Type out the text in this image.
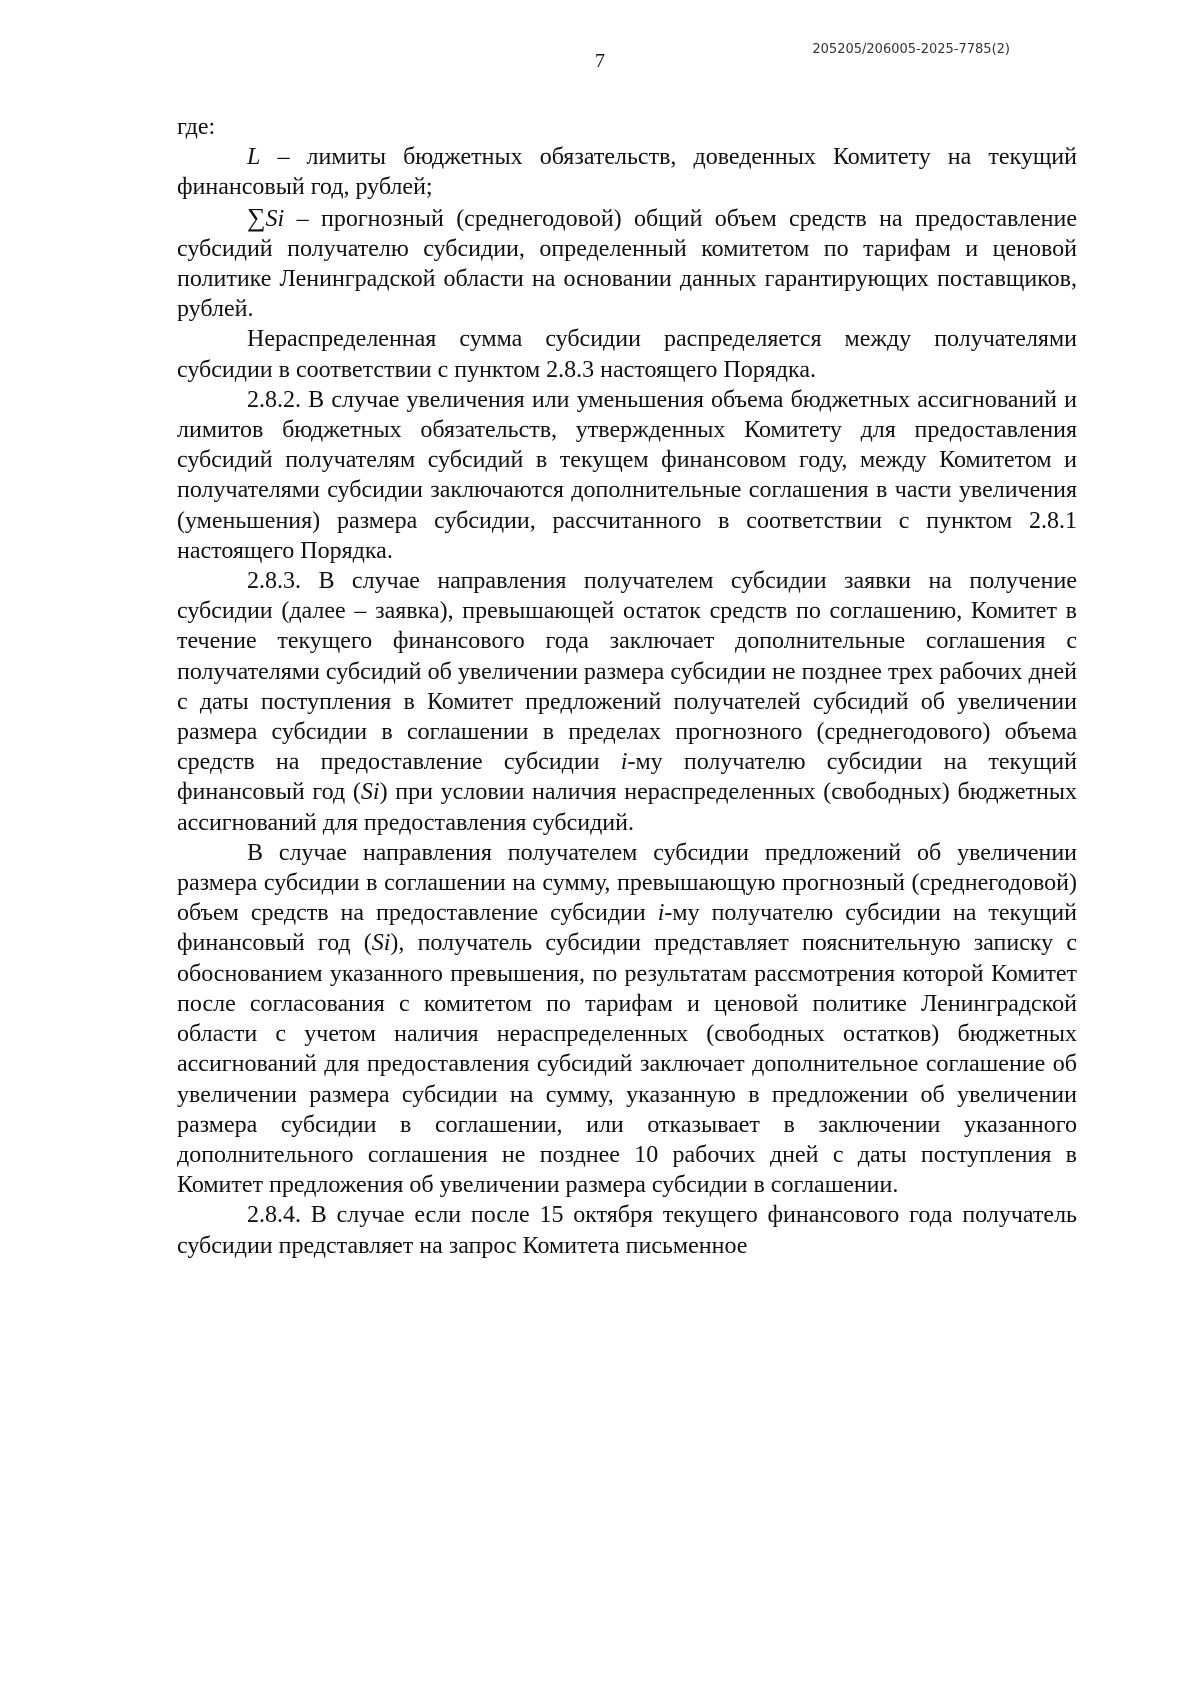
7
205205/206005-2025-7785(2)

где:

L – лимиты бюджетных обязательств, доведенных Комитету на текущий финансовый год, рублей;

∑Si – прогнозный (среднегодовой) общий объем средств на предоставление субсидий получателю субсидии, определенный комитетом по тарифам и ценовой политике Ленинградской области на основании данных гарантирующих поставщиков, рублей.

Нераспределенная сумма субсидии распределяется между получателями субсидии в соответствии с пунктом 2.8.3 настоящего Порядка.

2.8.2. В случае увеличения или уменьшения объема бюджетных ассигнований и лимитов бюджетных обязательств, утвержденных Комитету для предоставления субсидий получателям субсидий в текущем финансовом году, между Комитетом и получателями субсидии заключаются дополнительные соглашения в части увеличения (уменьшения) размера субсидии, рассчитанного в соответствии с пунктом 2.8.1 настоящего Порядка.

2.8.3. В случае направления получателем субсидии заявки на получение субсидии (далее – заявка), превышающей остаток средств по соглашению, Комитет в течение текущего финансового года заключает дополнительные соглашения с получателями субсидий об увеличении размера субсидии не позднее трех рабочих дней с даты поступления в Комитет предложений получателей субсидий об увеличении размера субсидии в соглашении в пределах прогнозного (среднегодового) объема средств на предоставление субсидии i-му получателю субсидии на текущий финансовый год (Si) при условии наличия нераспределенных (свободных) бюджетных ассигнований для предоставления субсидий.

В случае направления получателем субсидии предложений об увеличении размера субсидии в соглашении на сумму, превышающую прогнозный (среднегодовой) объем средств на предоставление субсидии i-му получателю субсидии на текущий финансовый год (Si), получатель субсидии представляет пояснительную записку с обоснованием указанного превышения, по результатам рассмотрения которой Комитет после согласования с комитетом по тарифам и ценовой политике Ленинградской области с учетом наличия нераспределенных (свободных остатков) бюджетных ассигнований для предоставления субсидий заключает дополнительное соглашение об увеличении размера субсидии на сумму, указанную в предложении об увеличении размера субсидии в соглашении, или отказывает в заключении указанного дополнительного соглашения не позднее 10 рабочих дней с даты поступления в Комитет предложения об увеличении размера субсидии в соглашении.

2.8.4. В случае если после 15 октября текущего финансового года получатель субсидии представляет на запрос Комитета письменное
